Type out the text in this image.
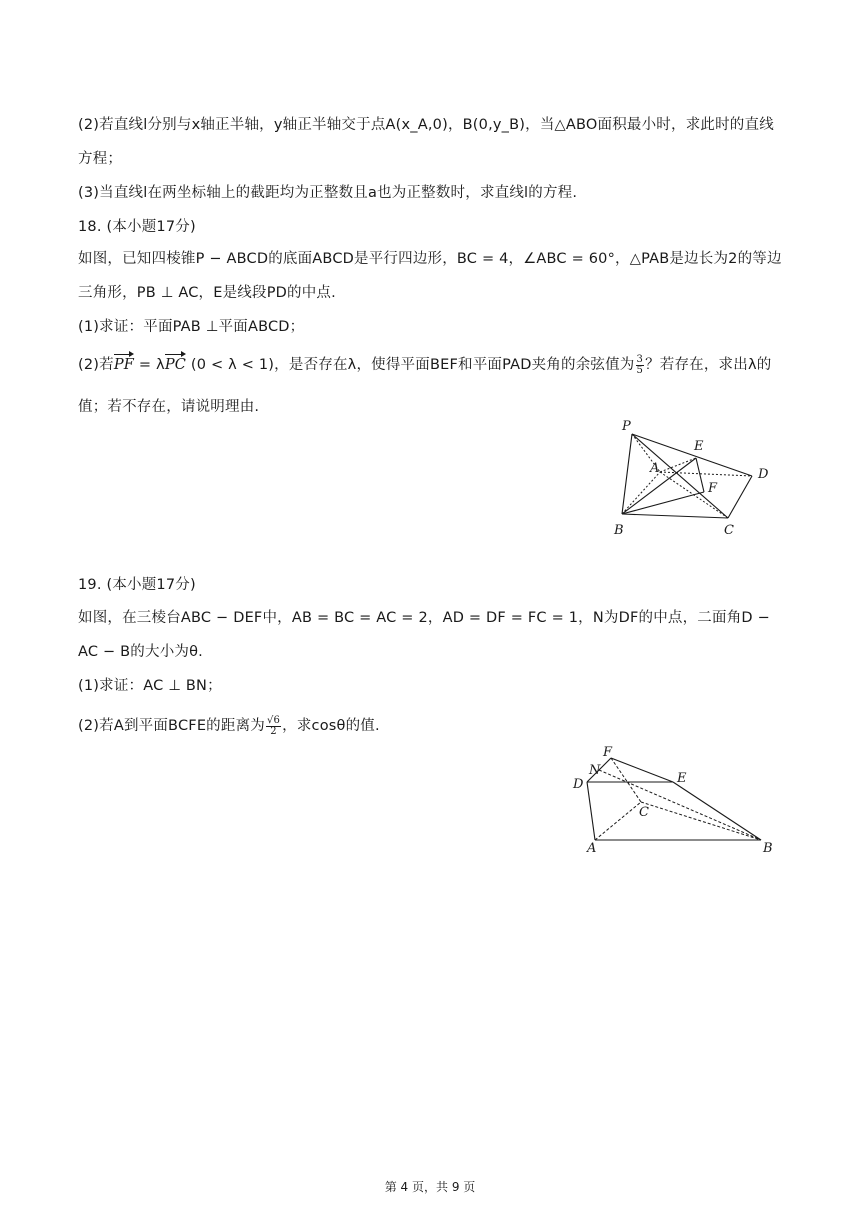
(2)若直线l分别与x轴正半轴，y轴正半轴交于点A(x_A,0)，B(0,y_B)，当△ABO面积最小时，求此时的直线
方程；
(3)当直线l在两坐标轴上的截距均为正整数且a也为正整数时，求直线l的方程.
18. (本小题17分)
如图，已知四棱锥P − ABCD的底面ABCD是平行四边形，BC = 4，∠ABC = 60°，△PAB是边长为2的等边
三角形，PB ⊥ AC，E是线段PD的中点.
(1)求证：平面PAB ⊥平面ABCD；
(2)若PF = λPC (0 < λ < 1)，是否存在λ，使得平面BEF和平面PAD夹角的余弦值为 $\frac{3}{5}$ ？若存在，求出λ的
值；若不存在，请说明理由.
P
A
B	C
D
E
F
19. (本小题17分)
如图，在三棱台ABC − DEF中，AB = BC = AC = 2，AD = DF = FC = 1，N为DF的中点，二面角D −
AC − B的大小为θ.
(1)求证：AC ⊥ BN；
(2)若A到平面BCFE的距离为 $\frac{√6}{2}$ ，求cosθ的值.
F
N
D	E
C
A	B
第 4 页，共 9 页
